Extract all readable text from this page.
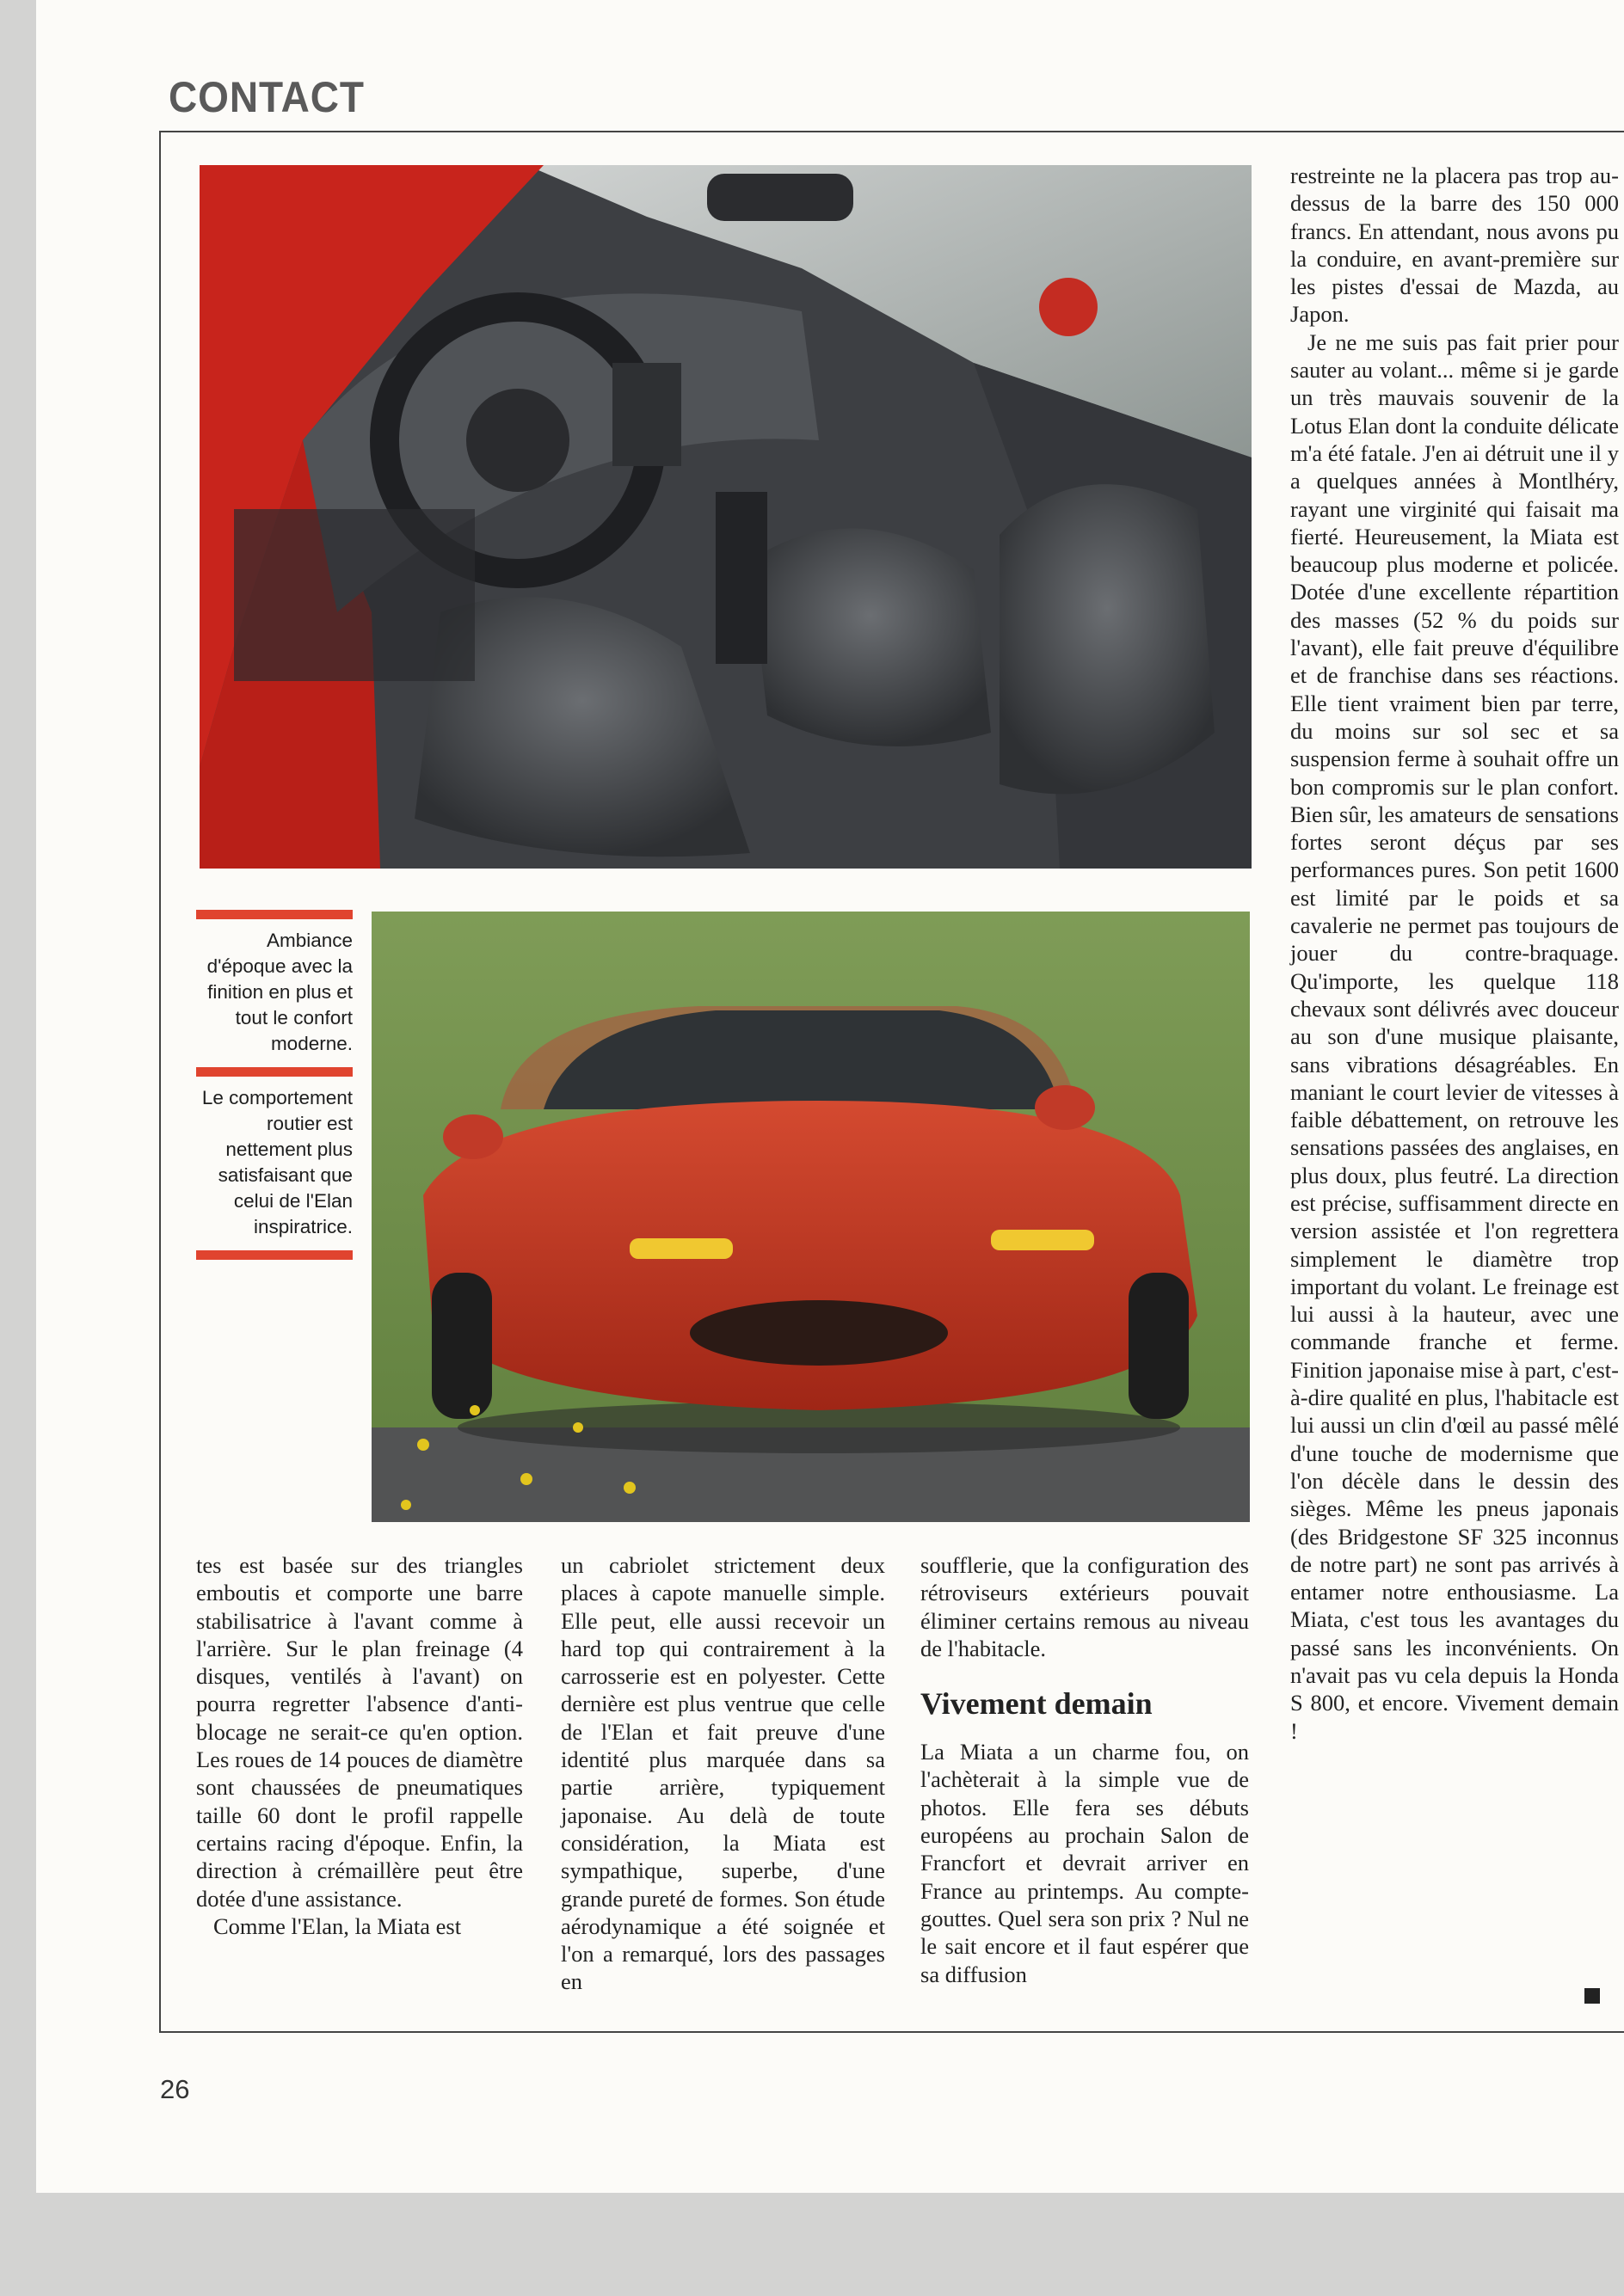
CONTACT

Ambiance d'époque avec la finition en plus et tout le confort moderne.

Le comportement routier est nettement plus satisfaisant que celui de l'Elan inspiratrice.

restreinte ne la placera pas trop au-dessus de la barre des 150 000 francs. En attendant, nous avons pu la conduire, en avant-première sur les pistes d'essai de Mazda, au Japon.

Je ne me suis pas fait prier pour sauter au volant... même si je garde un très mauvais souvenir de la Lotus Elan dont la conduite délicate m'a été fatale. J'en ai détruit une il y a quelques années à Montlhéry, rayant une virginité qui faisait ma fierté. Heureusement, la Miata est beaucoup plus moderne et policée. Dotée d'une excellente répartition des masses (52 % du poids sur l'avant), elle fait preuve d'équilibre et de franchise dans ses réactions. Elle tient vraiment bien par terre, du moins sur sol sec et sa suspension ferme à souhait offre un bon compromis sur le plan confort. Bien sûr, les amateurs de sensations fortes seront déçus par ses performances pures. Son petit 1600 est limité par le poids et sa cavalerie ne permet pas toujours de jouer du contre-braquage. Qu'importe, les quelque 118 chevaux sont délivrés avec douceur au son d'une musique plaisante, sans vibrations désagréables. En maniant le court levier de vitesses à faible débattement, on retrouve les sensations passées des anglaises, en plus doux, plus feutré. La direction est précise, suffisamment directe en version assistée et l'on regrettera simplement le diamètre trop important du volant. Le freinage est lui aussi à la hauteur, avec une commande franche et ferme. Finition japonaise mise à part, c'est-à-dire qualité en plus, l'habitacle est lui aussi un clin d'œil au passé mêlé d'une touche de modernisme que l'on décèle dans le dessin des sièges. Même les pneus japonais (des Bridgestone SF 325 inconnus de notre part) ne sont pas arrivés à entamer notre enthousiasme. La Miata, c'est tous les avantages du passé sans les inconvénients. On n'avait pas vu cela depuis la Honda S 800, et encore. Vivement demain !

tes est basée sur des triangles emboutis et comporte une barre stabilisatrice à l'avant comme à l'arrière. Sur le plan freinage (4 disques, ventilés à l'avant) on pourra regretter l'absence d'anti-blocage ne serait-ce qu'en option. Les roues de 14 pouces de diamètre sont chaussées de pneumatiques taille 60 dont le profil rappelle certains racing d'époque. Enfin, la direction à crémaillère peut être dotée d'une assistance.

Comme l'Elan, la Miata est

un cabriolet strictement deux places à capote manuelle simple. Elle peut, elle aussi recevoir un hard top qui contrairement à la carrosserie est en polyester. Cette dernière est plus ventrue que celle de l'Elan et fait preuve d'une identité plus marquée dans sa partie arrière, typiquement japonaise. Au delà de toute considération, la Miata est sympathique, superbe, d'une grande pureté de formes. Son étude aérodynamique a été soignée et l'on a remarqué, lors des passages en

soufflerie, que la configuration des rétroviseurs extérieurs pouvait éliminer certains remous au niveau de l'habitacle.

Vivement demain

La Miata a un charme fou, on l'achèterait à la simple vue de photos. Elle fera ses débuts européens au prochain Salon de Francfort et devrait arriver en France au printemps. Au compte-gouttes. Quel sera son prix ? Nul ne le sait encore et il faut espérer que sa diffusion

26
